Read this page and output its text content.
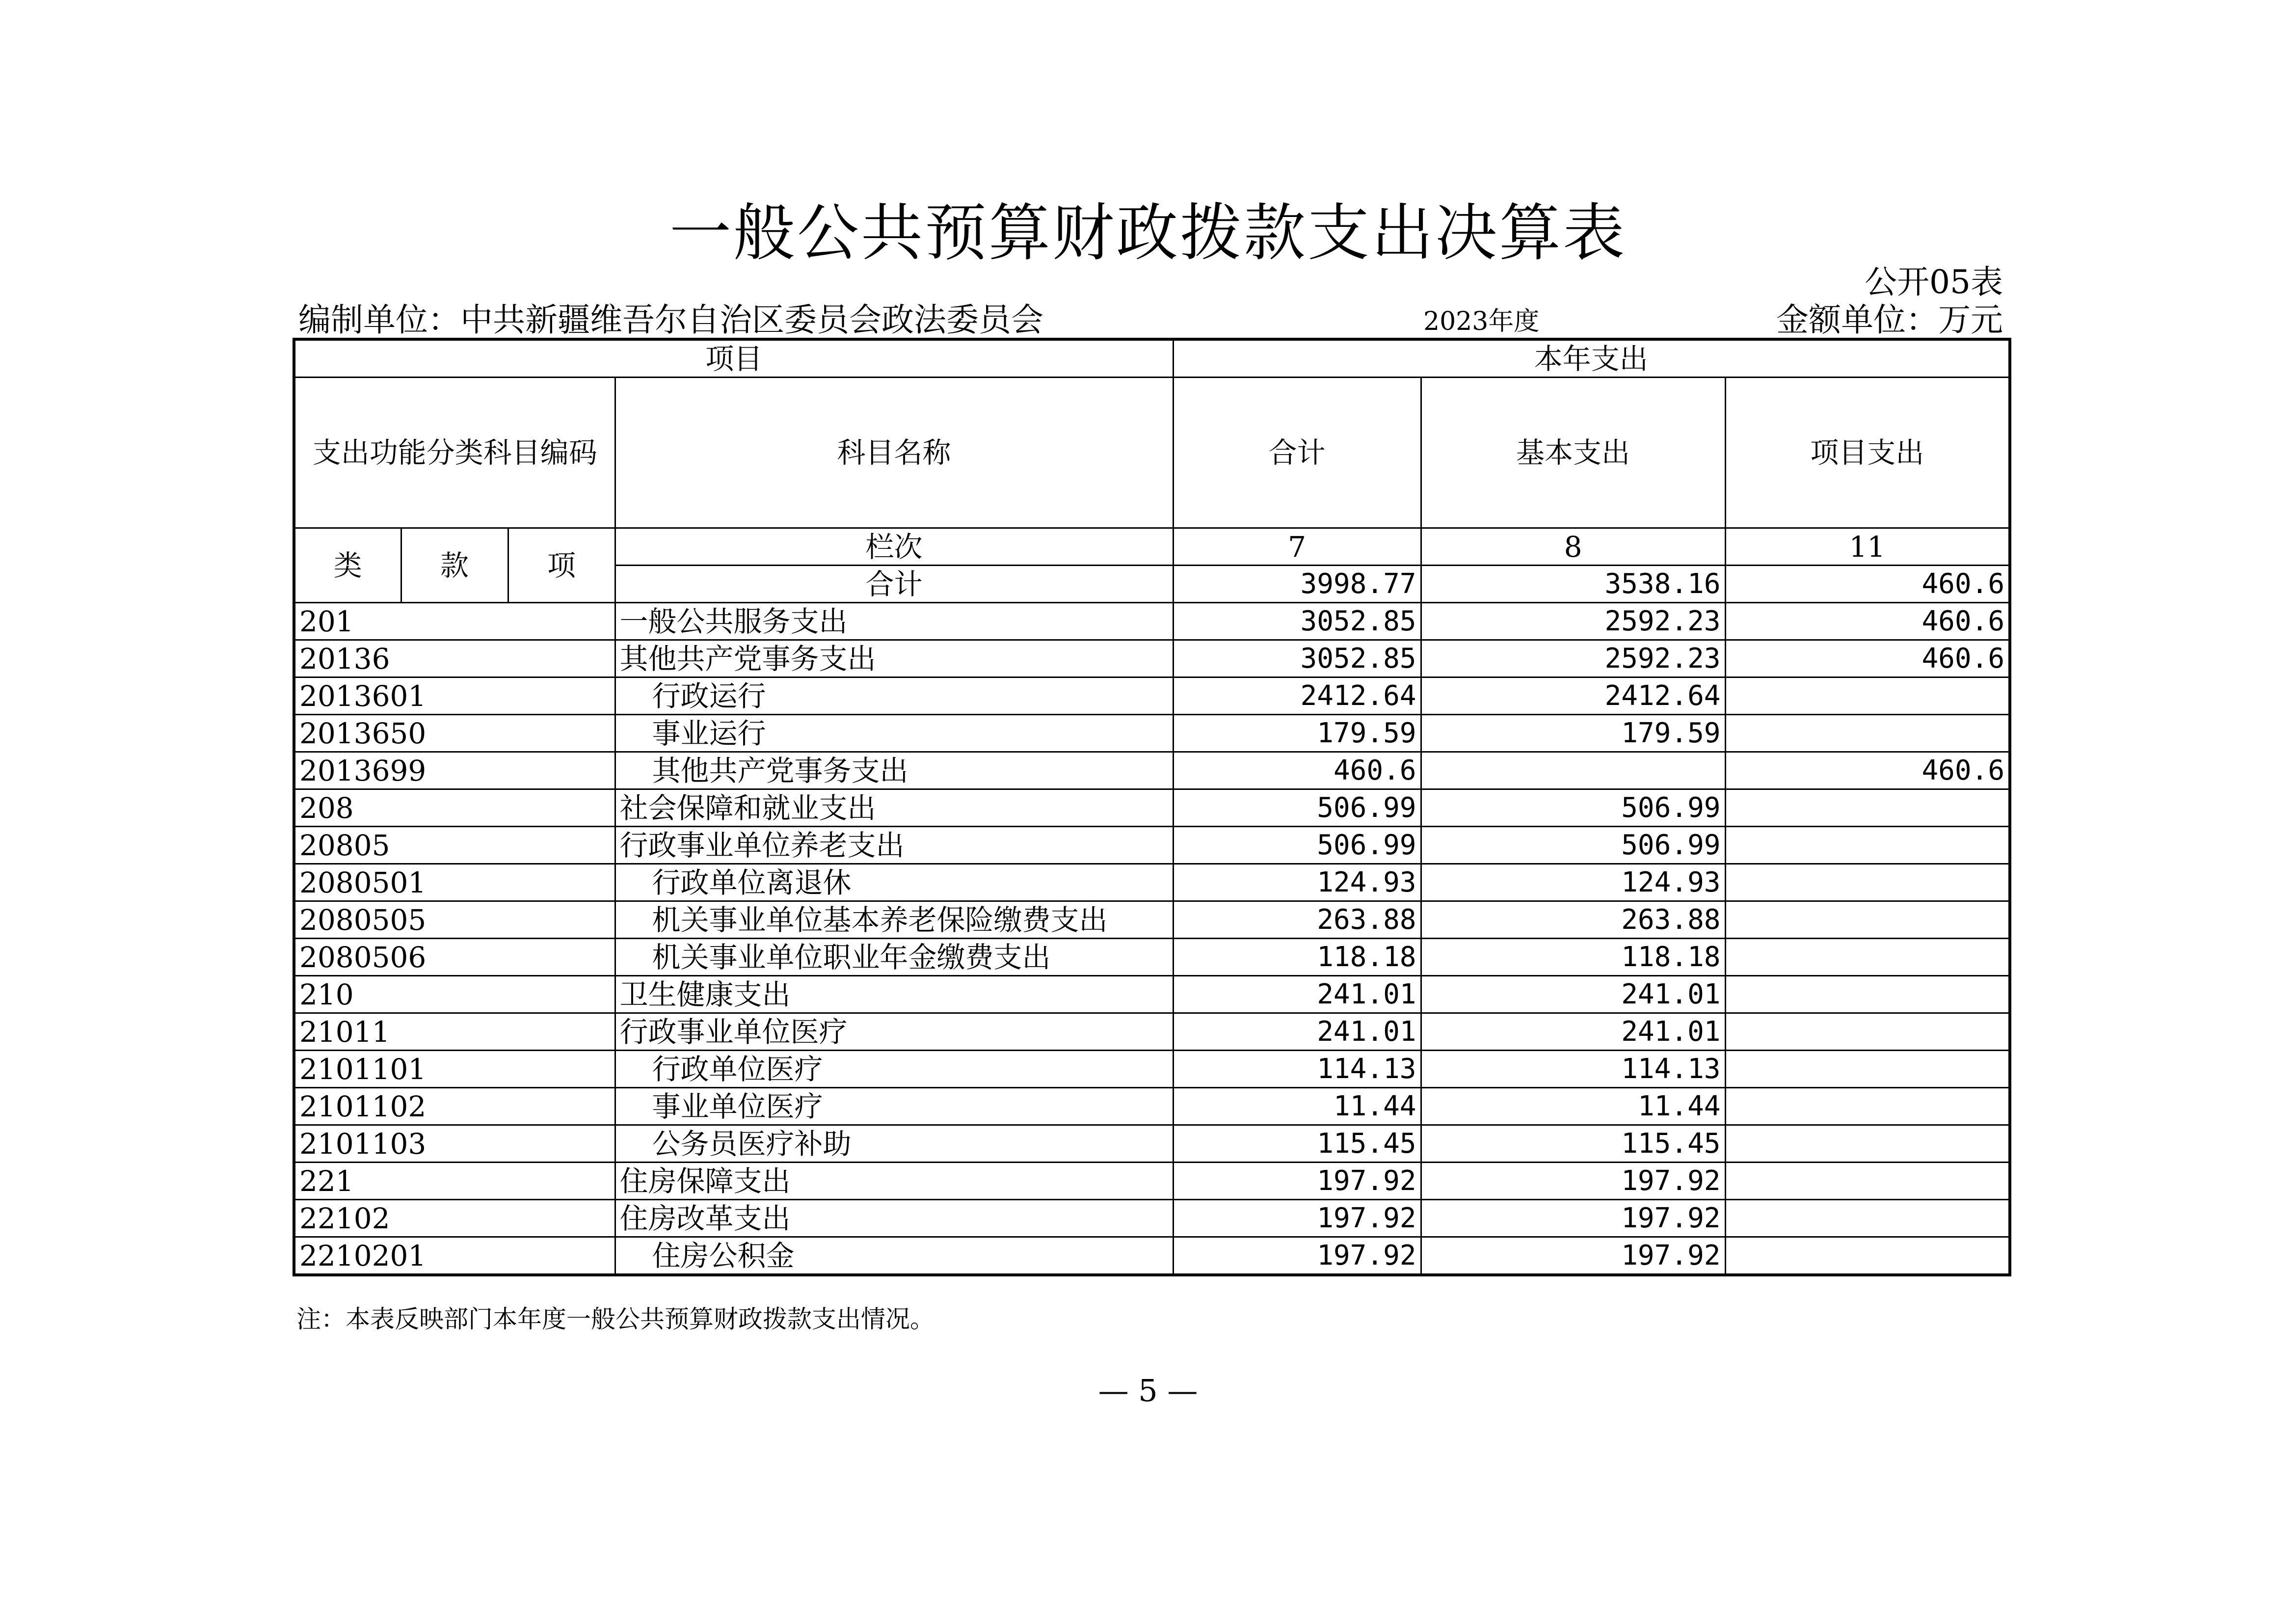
一般公共预算财政拨款支出决算表
公开05表
编制单位：中共新疆维吾尔自治区委员会政法委员会	2023年度	金额单位：万元
项目				本年支出		
支出功能分类科目编码			科目名称	合计	基本支出	项目支出
类	款	项	栏次	7	8	11
			合计	3998.77	3538.16	460.6
201			一般公共服务支出	3052.85	2592.23	460.6
20136			其他共产党事务支出	3052.85	2592.23	460.6
2013601			行政运行	2412.64	2412.64	
2013650			事业运行	179.59	179.59	
2013699			其他共产党事务支出	460.6		460.6
208			社会保障和就业支出	506.99	506.99	
20805			行政事业单位养老支出	506.99	506.99	
2080501			行政单位离退休	124.93	124.93	
2080505			机关事业单位基本养老保险缴费支出	263.88	263.88	
2080506			机关事业单位职业年金缴费支出	118.18	118.18	
210			卫生健康支出	241.01	241.01	
21011			行政事业单位医疗	241.01	241.01	
2101101			行政单位医疗	114.13	114.13	
2101102			事业单位医疗	11.44	11.44	
2101103			公务员医疗补助	115.45	115.45	
221			住房保障支出	197.92	197.92	
22102			住房改革支出	197.92	197.92	
2210201			住房公积金	197.92	197.92	
注：本表反映部门本年度一般公共预算财政拨款支出情况。
— 5 —
